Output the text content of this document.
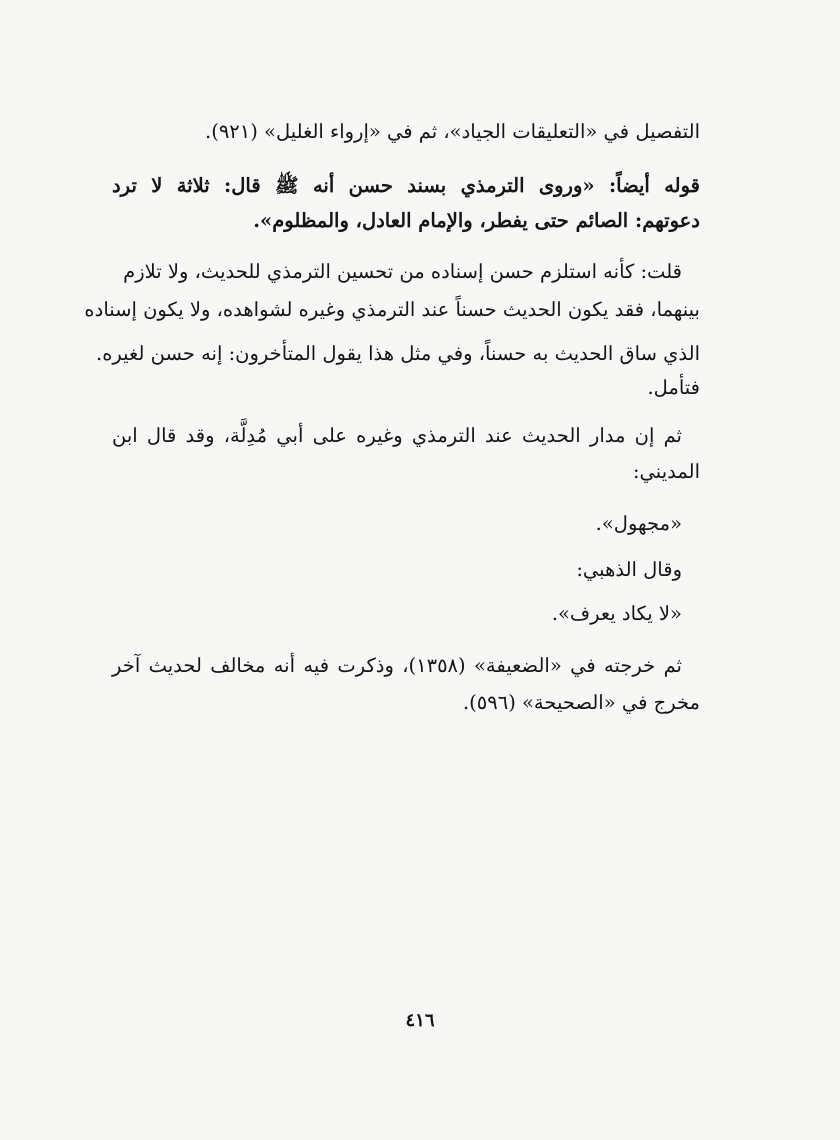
التفصيل في «التعليقات الجياد»، ثم في «إرواء الغليل» (٩٢١).
قوله أيضاً: «وروى الترمذي بسند حسن أنه ﷺ قال: ثلاثة لا ترد
دعوتهم: الصائم حتى يفطر، والإمام العادل، والمظلوم».
قلت: كأنه استلزم حسن إسناده من تحسين الترمذي للحديث، ولا تلازم
بينهما، فقد يكون الحديث حسناً عند الترمذي وغيره لشواهده، ولا يكون إسناده
الذي ساق الحديث به حسناً، وفي مثل هذا يقول المتأخرون: إنه حسن لغيره.
فتأمل.
ثم إن مدار الحديث عند الترمذي وغيره على أبي مُدِلَّة، وقد قال ابن
المديني:
«مجهول».
وقال الذهبي:
«لا يكاد يعرف».
ثم خرجته في «الضعيفة» (١٣٥٨)، وذكرت فيه أنه مخالف لحديث آخر
مخرج في «الصحيحة» (٥٩٦).
٤١٦
